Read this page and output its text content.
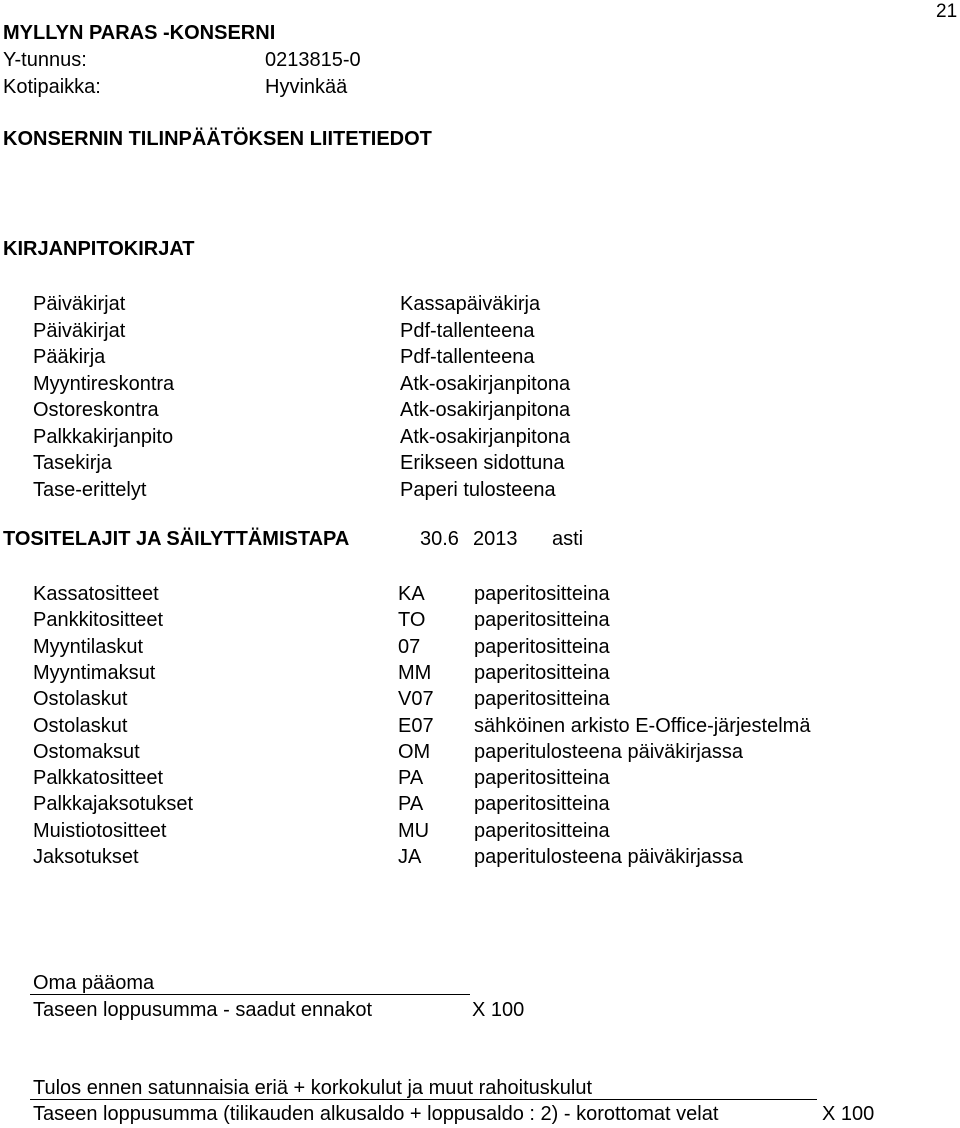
21
MYLLYN PARAS -KONSERNI
Y-tunnus:	0213815-0
Kotipaikka:	Hyvinkää
KONSERNIN TILINPÄÄTÖKSEN LIITETIEDOT
KIRJANPITOKIRJAT
Päiväkirjat	Kassapäiväkirja
Päiväkirjat	Pdf-tallenteena
Pääkirja	Pdf-tallenteena
Myyntireskontra	Atk-osakirjanpitona
Ostoreskontra	Atk-osakirjanpitona
Palkkakirjanpito	Atk-osakirjanpitona
Tasekirja	Erikseen sidottuna
Tase-erittelyt	Paperi tulosteena
TOSITELAJIT JA SÄILYTTÄMISTAPA	30.6 2013 asti
Kassatositteet	KA paperitositteina
Pankkitositteet	TO paperitositteina
Myyntilaskut	07	paperitositteina
Myyntimaksut	MM paperitositteina
Ostolaskut	V07 paperitositteina
Ostolaskut	E07 sähköinen arkisto E-Office-järjestelmä
Ostomaksut	OM paperitulosteena päiväkirjassa
Palkkatositteet	PA	paperitositteina
Palkkajaksotukset	PA	paperitositteina
Muistiotositteet	MU paperitositteina
Jaksotukset	JA	paperitulosteena päiväkirjassa
Oma pääoma
Taseen loppusumma - saadut ennakot	X 100
Tulos ennen satunnaisia eriä + korkokulut ja muut rahoituskulut
Taseen loppusumma (tilikauden alkusaldo + loppusaldo : 2) - korottomat velat	X 100
